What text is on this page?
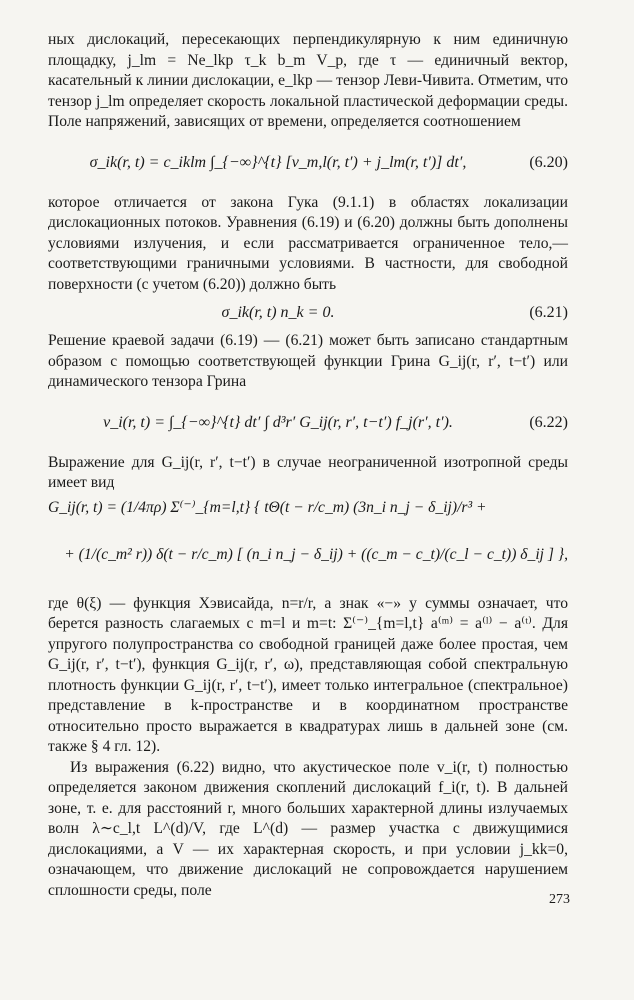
ных дислокаций, пересекающих перпендикулярную к ним единичную площадку, j_lm = Ne_lkp τ_k b_m V_p, где τ — единичный вектор, касательный к линии дислокации, e_lkp — тензор Леви-Чивита. Отметим, что тензор j_lm определяет скорость локальной пластической деформации среды. Поле напряжений, зависящих от времени, определяется соотношением

σ_ik(r, t) = c_iklm ∫_{−∞}^{t} [v_m,l(r, t′) + j_lm(r, t′)] dt′,	(6.20)

которое отличается от закона Гука (9.1.1) в областях локализации дислокационных потоков. Уравнения (6.19) и (6.20) должны быть дополнены условиями излучения, и если рассматривается ограниченное тело,— соответствующими граничными условиями. В частности, для свободной поверхности (с учетом (6.20)) должно быть

σ_ik(r, t) n_k = 0.	(6.21)

Решение краевой задачи (6.19) — (6.21) может быть записано стандартным образом с помощью соответствующей функции Грина G_ij(r, r′, t−t′) или динамического тензора Грина

v_i(r, t) = ∫_{−∞}^{t} dt′ ∫ d³r′ G_ij(r, r′, t−t′) f_j(r′, t′).	(6.22)

Выражение для G_ij(r, r′, t−t′) в случае неограниченной изотропной среды имеет вид

G_ij(r, t) = (1/4πρ) Σ⁽⁻⁾_{m=l,t} { tΘ(t − r/c_m) (3n_i n_j − δ_ij)/r³ +
+ (1/(c_m² r)) δ(t − r/c_m) [ (n_i n_j − δ_ij) + ((c_m − c_t)/(c_l − c_t)) δ_ij ] },

где θ(ξ) — функция Хэвисайда, n=r/r, а знак «−» у суммы означает, что берется разность слагаемых с m=l и m=t: Σ⁽⁻⁾_{m=l,t} a⁽ᵐ⁾ = a⁽ˡ⁾ − a⁽ᵗ⁾. Для упругого полупространства со свободной границей даже более простая, чем G_ij(r, r′, t−t′), функция G_ij(r, r′, ω), представляющая собой спектральную плотность функции G_ij(r, r′, t−t′), имеет только интегральное (спектральное) представление в k-пространстве и в координатном пространстве относительно просто выражается в квадратурах лишь в дальней зоне (см. также § 4 гл. 12).

Из выражения (6.22) видно, что акустическое поле v_i(r, t) полностью определяется законом движения скоплений дислокаций f_i(r, t). В дальней зоне, т. е. для расстояний r, много больших характерной длины излучаемых волн λ∼c_l,t L^(d)/V, где L^(d) — размер участка с движущимися дислокациями, а V — их характерная скорость, и при условии j_kk=0, означающем, что движение дислокаций не сопровождается нарушением сплошности среды, поле

273
